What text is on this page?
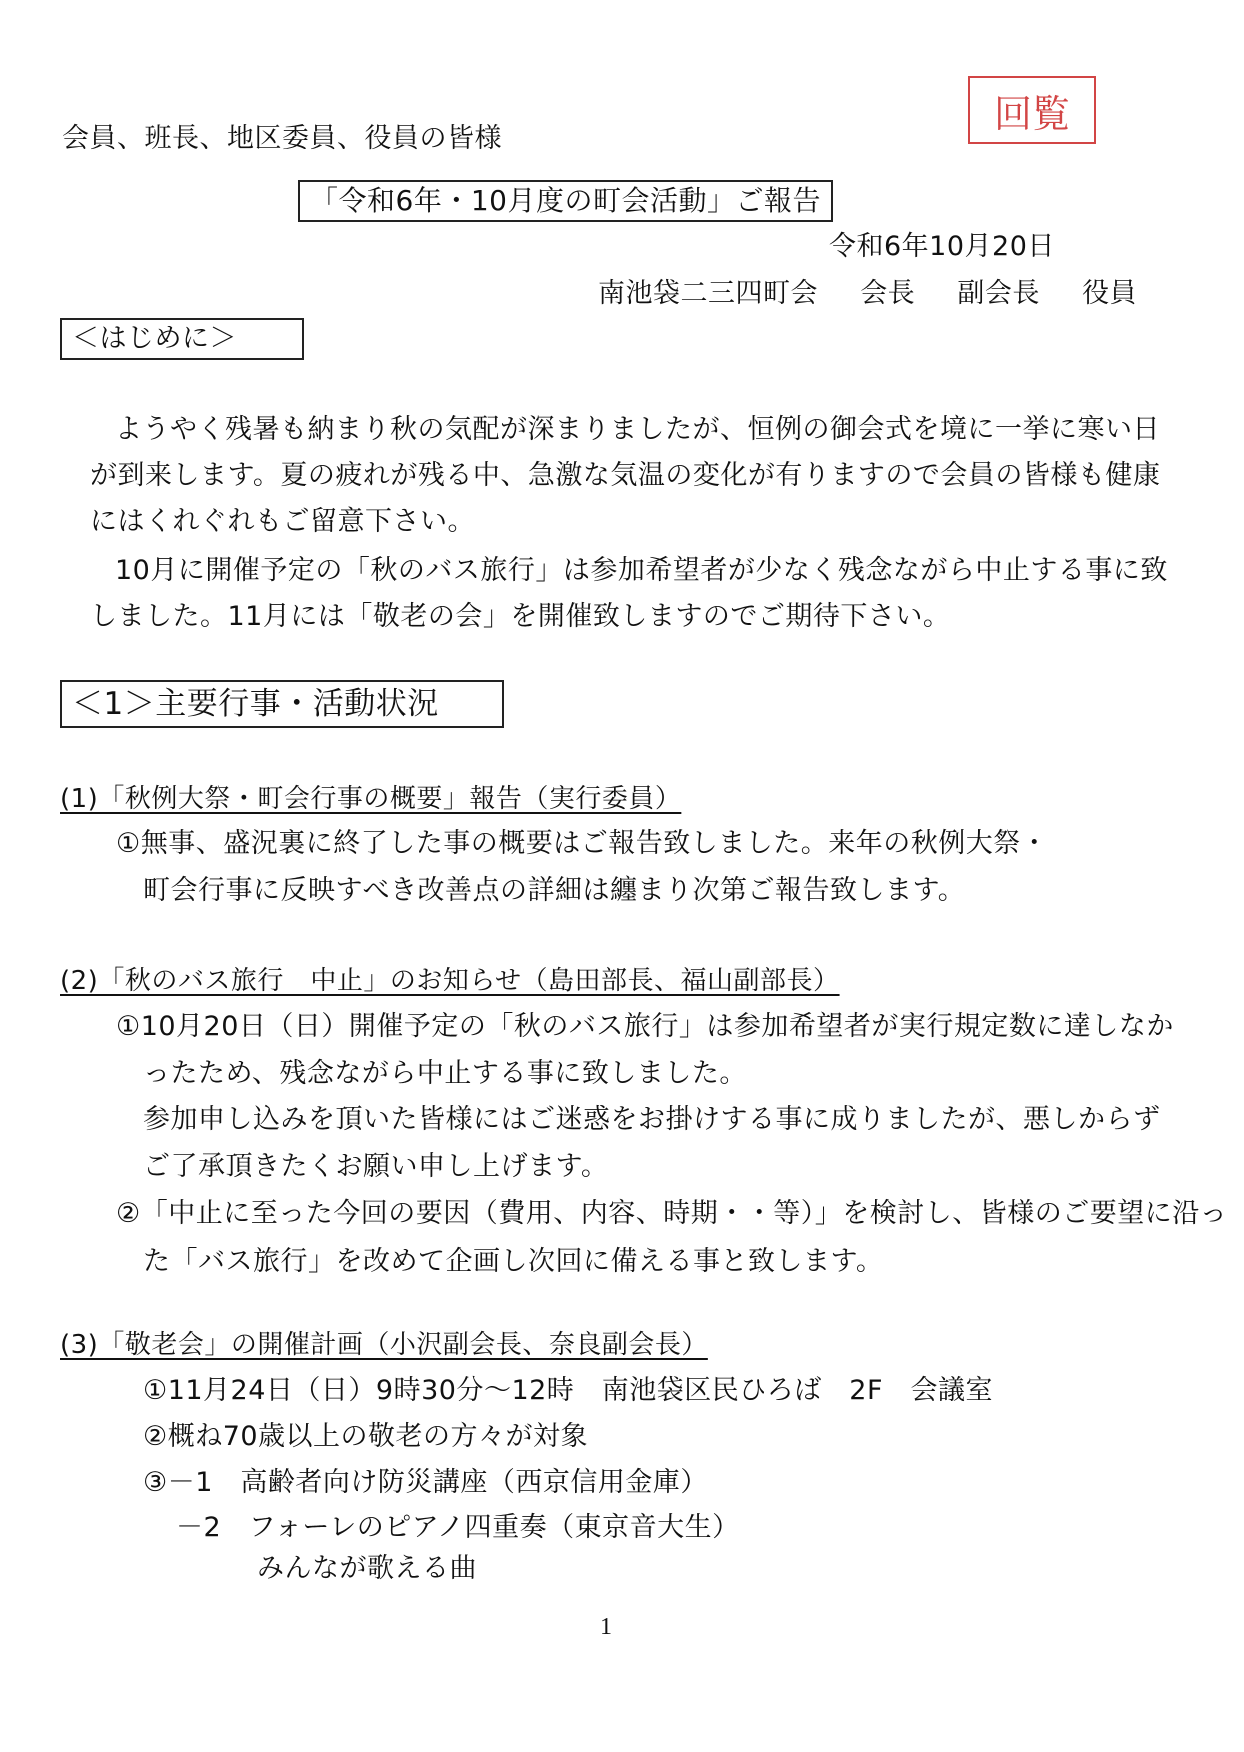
回覧
会員、班長、地区委員、役員の皆様
「令和6年・10月度の町会活動」ご報告
令和6年10月20日
南池袋二三四町会 会長 副会長 役員
＜はじめに＞
ようやく残暑も納まり秋の気配が深まりましたが、恒例の御会式を境に一挙に寒い日
が到来します。夏の疲れが残る中、急激な気温の変化が有りますので会員の皆様も健康
にはくれぐれもご留意下さい。
10月に開催予定の「秋のバス旅行」は参加希望者が少なく残念ながら中止する事に致
しました。11月には「敬老の会」を開催致しますのでご期待下さい。
＜1＞主要行事・活動状況
(1)「秋例大祭・町会行事の概要」報告（実行委員）
①無事、盛況裏に終了した事の概要はご報告致しました。来年の秋例大祭・
町会行事に反映すべき改善点の詳細は纏まり次第ご報告致します。
(2)「秋のバス旅行　中止」のお知らせ（島田部長、福山副部長）
①10月20日（日）開催予定の「秋のバス旅行」は参加希望者が実行規定数に達しなか
ったため、残念ながら中止する事に致しました。
参加申し込みを頂いた皆様にはご迷惑をお掛けする事に成りましたが、悪しからず
ご了承頂きたくお願い申し上げます。
②「中止に至った今回の要因（費用、内容、時期・・等）」を検討し、皆様のご要望に沿っ
た「バス旅行」を改めて企画し次回に備える事と致します。
(3)「敬老会」の開催計画（小沢副会長、奈良副会長）
①11月24日（日）9時30分～12時　南池袋区民ひろば　2F　会議室
②概ね70歳以上の敬老の方々が対象
③－1　高齢者向け防災講座（西京信用金庫）
－2　フォーレのピアノ四重奏（東京音大生）
みんなが歌える曲
1
